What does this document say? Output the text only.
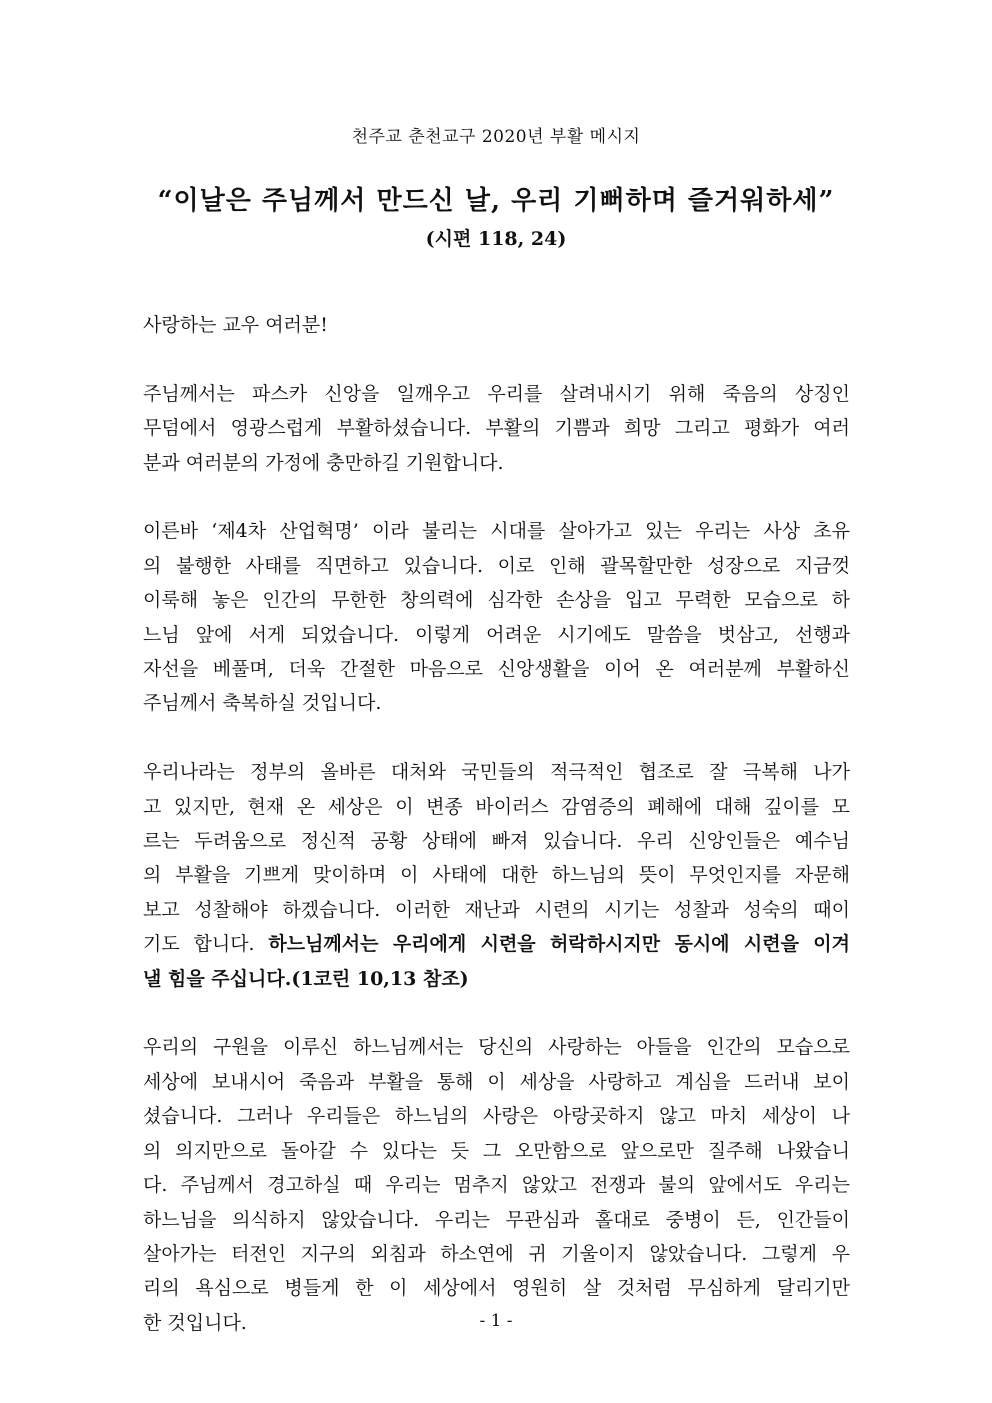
천주교 춘천교구 2020년 부활 메시지
“이날은 주님께서 만드신 날, 우리 기뻐하며 즐거워하세”
(시편 118, 24)

사랑하는 교우 여러분!

주님께서는 파스카 신앙을 일깨우고 우리를 살려내시기 위해 죽음의 상징인
무덤에서 영광스럽게 부활하셨습니다. 부활의 기쁨과 희망 그리고 평화가 여러
분과 여러분의 가정에 충만하길 기원합니다.

이른바 ‘제4차 산업혁명’ 이라 불리는 시대를 살아가고 있는 우리는 사상 초유
의 불행한 사태를 직면하고 있습니다. 이로 인해 괄목할만한 성장으로 지금껏
이룩해 놓은 인간의 무한한 창의력에 심각한 손상을 입고 무력한 모습으로 하
느님 앞에 서게 되었습니다. 이렇게 어려운 시기에도 말씀을 벗삼고, 선행과
자선을 베풀며, 더욱 간절한 마음으로 신앙생활을 이어 온 여러분께 부활하신
주님께서 축복하실 것입니다.

우리나라는 정부의 올바른 대처와 국민들의 적극적인 협조로 잘 극복해 나가
고 있지만, 현재 온 세상은 이 변종 바이러스 감염증의 폐해에 대해 깊이를 모
르는 두려움으로 정신적 공황 상태에 빠져 있습니다. 우리 신앙인들은 예수님
의 부활을 기쁘게 맞이하며 이 사태에 대한 하느님의 뜻이 무엇인지를 자문해
보고 성찰해야 하겠습니다. 이러한 재난과 시련의 시기는 성찰과 성숙의 때이
기도 합니다. 하느님께서는 우리에게 시련을 허락하시지만 동시에 시련을 이겨
낼 힘을 주십니다.(1코린 10,13 참조)

우리의 구원을 이루신 하느님께서는 당신의 사랑하는 아들을 인간의 모습으로
세상에 보내시어 죽음과 부활을 통해 이 세상을 사랑하고 계심을 드러내 보이
셨습니다. 그러나 우리들은 하느님의 사랑은 아랑곳하지 않고 마치 세상이 나
의 의지만으로 돌아갈 수 있다는 듯 그 오만함으로 앞으로만 질주해 나왔습니
다. 주님께서 경고하실 때 우리는 멈추지 않았고 전쟁과 불의 앞에서도 우리는
하느님을 의식하지 않았습니다. 우리는 무관심과 홀대로 중병이 든, 인간들이
살아가는 터전인 지구의 외침과 하소연에 귀 기울이지 않았습니다. 그렇게 우
리의 욕심으로 병들게 한 이 세상에서 영원히 살 것처럼 무심하게 달리기만
한 것입니다.	- 1 -
